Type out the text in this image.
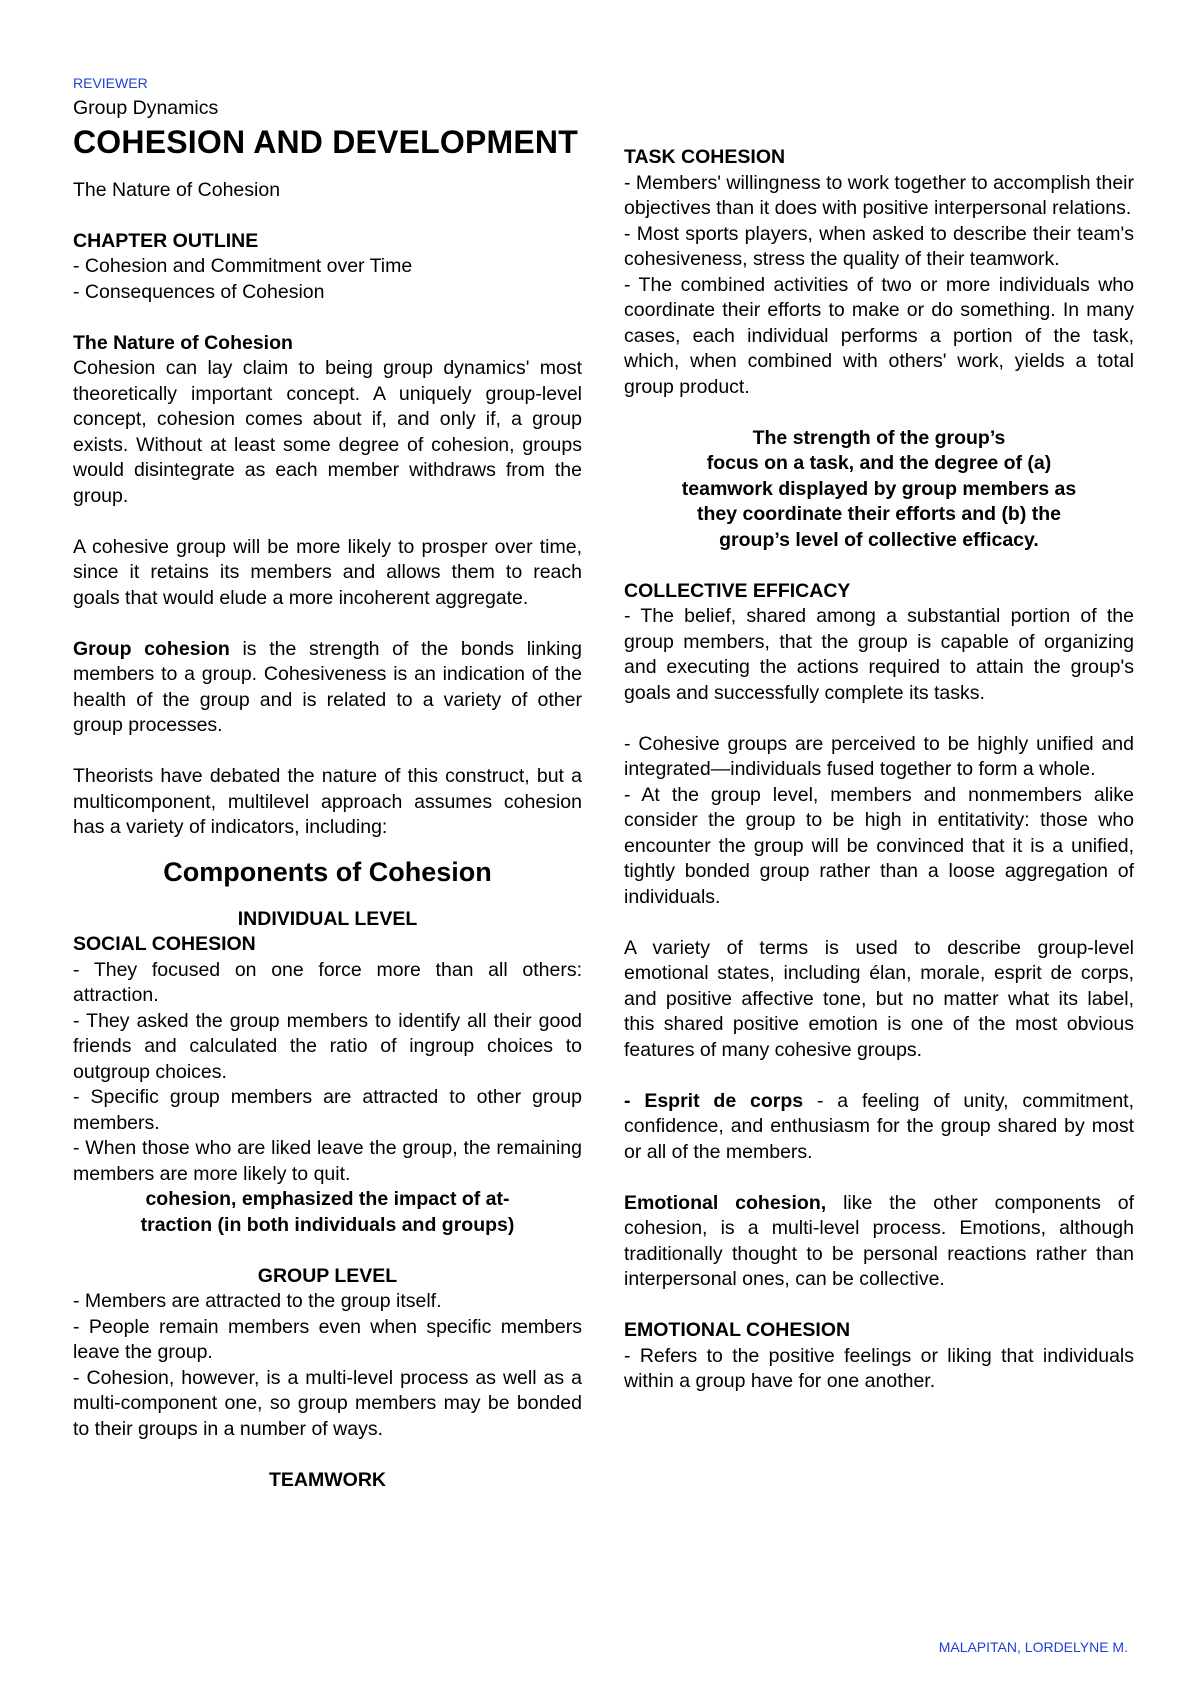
REVIEWER

Group Dynamics

COHESION AND DEVELOPMENT

The Nature of Cohesion

CHAPTER OUTLINE

- Cohesion and Commitment over Time

- Consequences of Cohesion

The Nature of Cohesion

Cohesion can lay claim to being group dynamics' most theoretically important concept. A uniquely group-level concept, cohesion comes about if, and only if, a group exists. Without at least some degree of cohesion, groups would disintegrate as each member withdraws from the group.

A cohesive group will be more likely to prosper over time, since it retains its members and allows them to reach goals that would elude a more incoherent aggregate.

Group cohesion is the strength of the bonds linking members to a group. Cohesiveness is an indication of the health of the group and is related to a variety of other group processes.

Theorists have debated the nature of this construct, but a multicomponent, multilevel approach assumes cohesion has a variety of indicators, including:

Components of Cohesion

INDIVIDUAL LEVEL

SOCIAL COHESION

- They focused on one force more than all others: attraction.

- They asked the group members to identify all their good friends and calculated the ratio of ingroup choices to outgroup choices.

- Specific group members are attracted to other group members.

- When those who are liked leave the group, the remaining members are more likely to quit.

cohesion, emphasized the impact of at-

traction (in both individuals and groups)

GROUP LEVEL

- Members are attracted to the group itself.

- People remain members even when specific members leave the group.

- Cohesion, however, is a multi-level process as well as a multi-component one, so group members may be bonded to their groups in a number of ways.

TEAMWORK

TASK COHESION

- Members' willingness to work together to accomplish their objectives than it does with positive interpersonal relations.

- Most sports players, when asked to describe their team's cohesiveness, stress the quality of their teamwork.

- The combined activities of two or more individuals who coordinate their efforts to make or do something. In many cases, each individual performs a portion of the task, which, when combined with others' work, yields a total group product.

The strength of the group’s

focus on a task, and the degree of (a)

teamwork displayed by group members as

they coordinate their efforts and (b) the

group’s level of collective efficacy.

COLLECTIVE EFFICACY

- The belief, shared among a substantial portion of the group members, that the group is capable of organizing and executing the actions required to attain the group's goals and successfully complete its tasks.

- Cohesive groups are perceived to be highly unified and integrated—individuals fused together to form a whole.

- At the group level, members and nonmembers alike consider the group to be high in entitativity: those who encounter the group will be convinced that it is a unified, tightly bonded group rather than a loose aggregation of individuals.

A variety of terms is used to describe group-level emotional states, including élan, morale, esprit de corps, and positive affective tone, but no matter what its label, this shared positive emotion is one of the most obvious features of many cohesive groups.

- Esprit de corps - a feeling of unity, commitment, confidence, and enthusiasm for the group shared by most or all of the members.

Emotional cohesion, like the other components of cohesion, is a multi-level process. Emotions, although traditionally thought to be personal reactions rather than interpersonal ones, can be collective.

EMOTIONAL COHESION

- Refers to the positive feelings or liking that individuals within a group have for one another.

MALAPITAN, LORDELYNE M.
